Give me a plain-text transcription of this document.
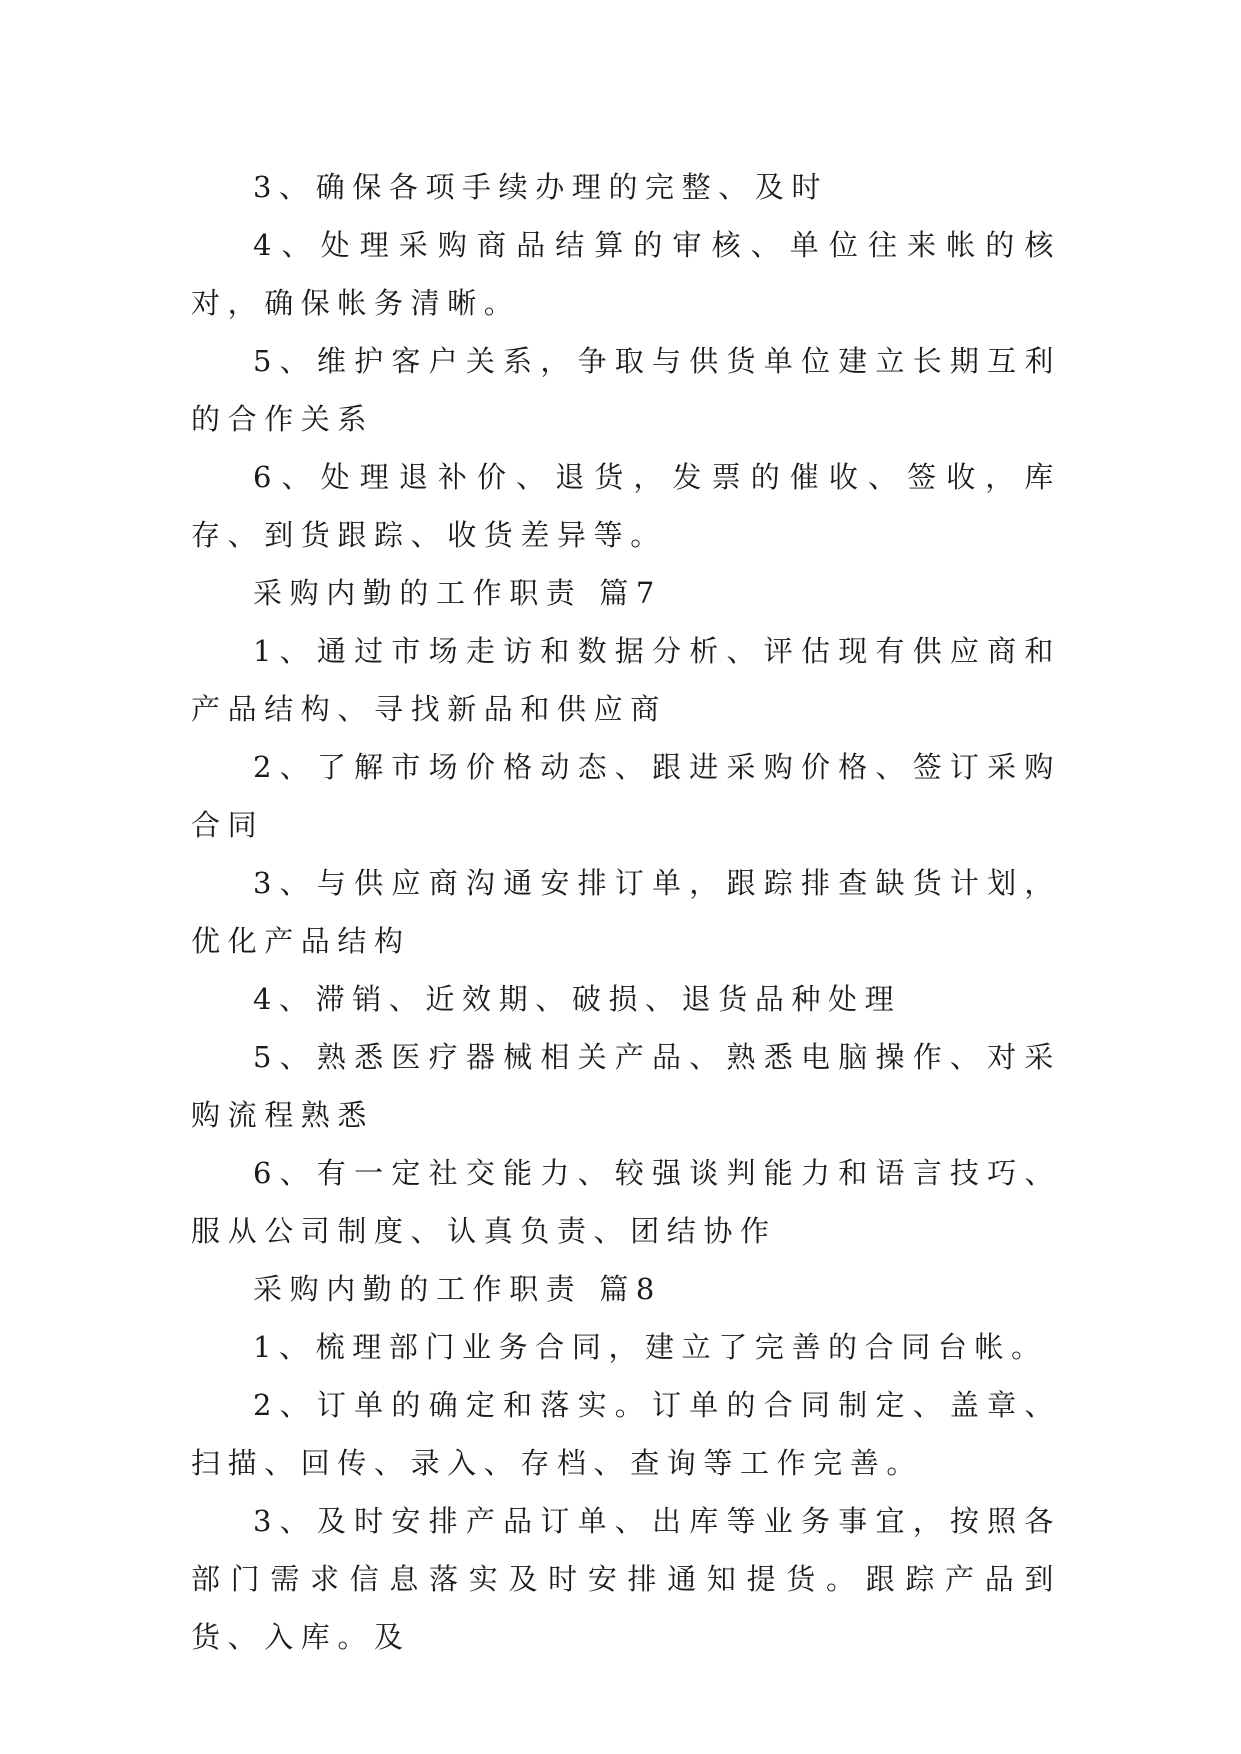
3、确保各项手续办理的完整、及时

4、处理采购商品结算的审核、单位往来帐的核对，确保帐务清晰。

5、维护客户关系，争取与供货单位建立长期互利的合作关系

6、处理退补价、退货，发票的催收、签收，库存、到货跟踪、收货差异等。

采购内勤的工作职责 篇7

1、通过市场走访和数据分析、评估现有供应商和产品结构、寻找新品和供应商

2、了解市场价格动态、跟进采购价格、签订采购合同

3、与供应商沟通安排订单，跟踪排查缺货计划，优化产品结构

4、滞销、近效期、破损、退货品种处理

5、熟悉医疗器械相关产品、熟悉电脑操作、对采购流程熟悉

6、有一定社交能力、较强谈判能力和语言技巧、服从公司制度、认真负责、团结协作

采购内勤的工作职责 篇8

1、梳理部门业务合同，建立了完善的合同台帐。

2、订单的确定和落实。订单的合同制定、盖章、扫描、回传、录入、存档、查询等工作完善。

3、及时安排产品订单、出库等业务事宜，按照各部门需求信息落实及时安排通知提货。跟踪产品到货、入库。及
